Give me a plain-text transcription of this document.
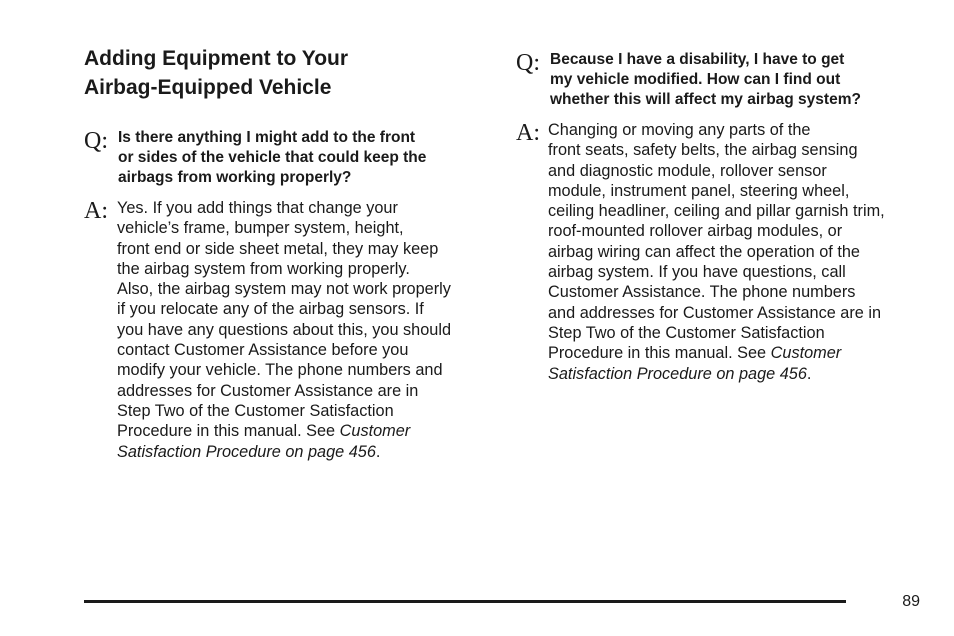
Adding Equipment to Your
Airbag-Equipped Vehicle
Q: Is there anything I might add to the front
or sides of the vehicle that could keep the
airbags from working properly?

A: Yes. If you add things that change your
vehicle’s frame, bumper system, height,
front end or side sheet metal, they may keep
the airbag system from working properly.
Also, the airbag system may not work properly
if you relocate any of the airbag sensors. If
you have any questions about this, you should
contact Customer Assistance before you
modify your vehicle. The phone numbers and
addresses for Customer Assistance are in
Step Two of the Customer Satisfaction
Procedure in this manual. See Customer
Satisfaction Procedure on page 456.

Q: Because I have a disability, I have to get
my vehicle modified. How can I find out
whether this will affect my airbag system?

A: Changing or moving any parts of the
front seats, safety belts, the airbag sensing
and diagnostic module, rollover sensor
module, instrument panel, steering wheel,
ceiling headliner, ceiling and pillar garnish trim,
roof-mounted rollover airbag modules, or
airbag wiring can affect the operation of the
airbag system. If you have questions, call
Customer Assistance. The phone numbers
and addresses for Customer Assistance are in
Step Two of the Customer Satisfaction
Procedure in this manual. See Customer
Satisfaction Procedure on page 456.

89
